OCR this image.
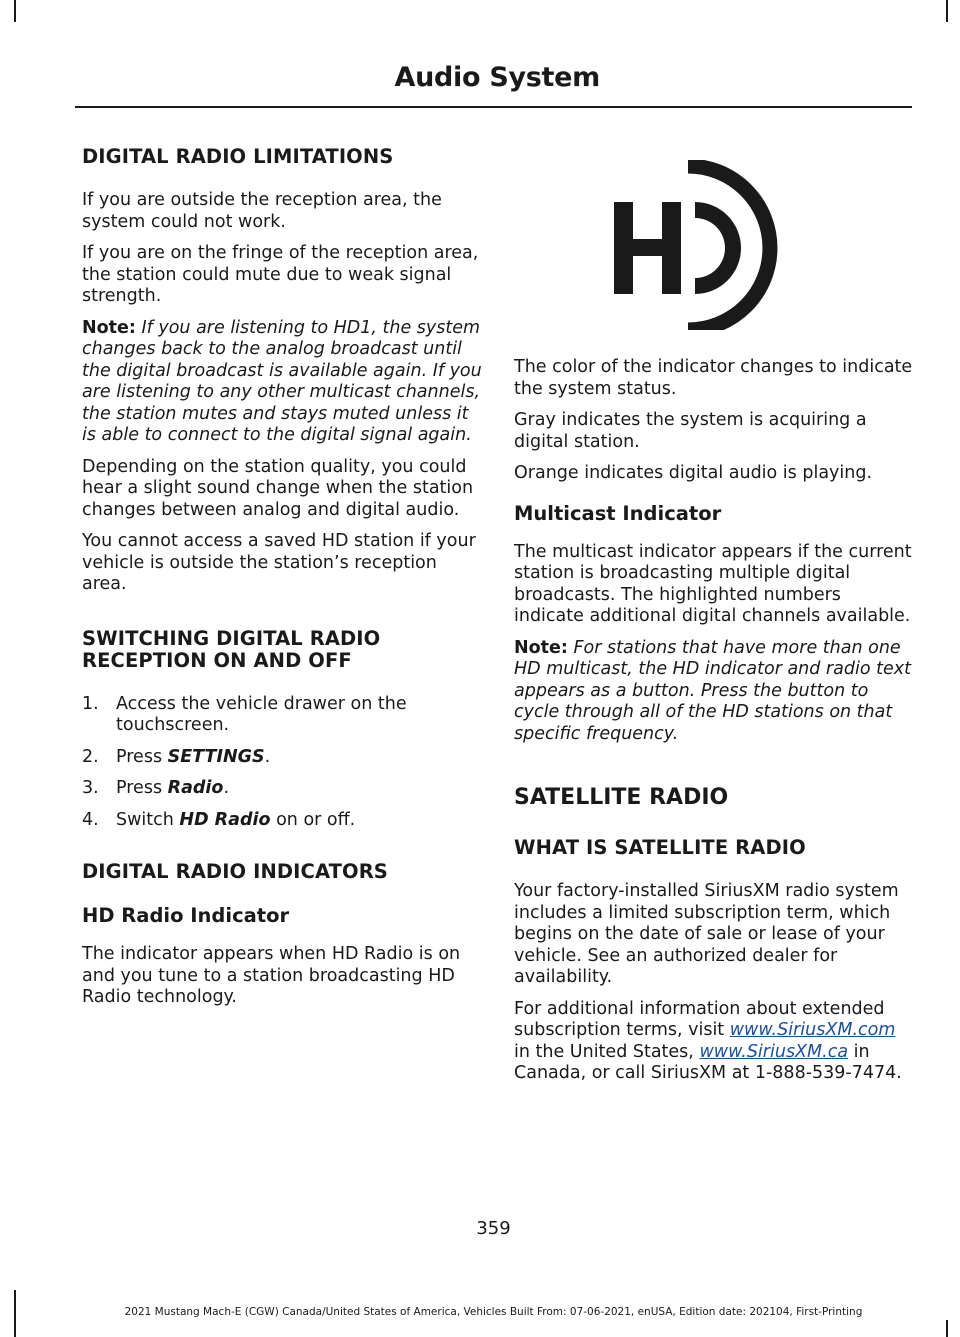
Audio System
DIGITAL RADIO LIMITATIONS

If you are outside the reception area, the system could not work.

If you are on the fringe of the reception area, the station could mute due to weak signal strength.

Note: If you are listening to HD1, the system changes back to the analog broadcast until the digital broadcast is available again. If you are listening to any other multicast channels, the station mutes and stays muted unless it is able to connect to the digital signal again.

Depending on the station quality, you could hear a slight sound change when the station changes between analog and digital audio.

You cannot access a saved HD station if your vehicle is outside the station’s reception area.

SWITCHING DIGITAL RADIO RECEPTION ON AND OFF
1. Access the vehicle drawer on the touchscreen.
2. Press SETTINGS.
3. Press Radio.
4. Switch HD Radio on or off.
DIGITAL RADIO INDICATORS
HD Radio Indicator

The indicator appears when HD Radio is on and you tune to a station broadcasting HD Radio technology.

The color of the indicator changes to indicate the system status.

Gray indicates the system is acquiring a digital station.

Orange indicates digital audio is playing.

Multicast Indicator

The multicast indicator appears if the current station is broadcasting multiple digital broadcasts. The highlighted numbers indicate additional digital channels available.

Note: For stations that have more than one HD multicast, the HD indicator and radio text appears as a button. Press the button to cycle through all of the HD stations on that specific frequency.

SATELLITE RADIO
WHAT IS SATELLITE RADIO

Your factory-installed SiriusXM radio system includes a limited subscription term, which begins on the date of sale or lease of your vehicle. See an authorized dealer for availability.

For additional information about extended subscription terms, visit www.SiriusXM.com in the United States, www.SiriusXM.ca in Canada, or call SiriusXM at 1-888-539-7474.

359
2021 Mustang Mach-E (CGW) Canada/United States of America, Vehicles Built From: 07-06-2021, enUSA, Edition date: 202104, First-Printing
